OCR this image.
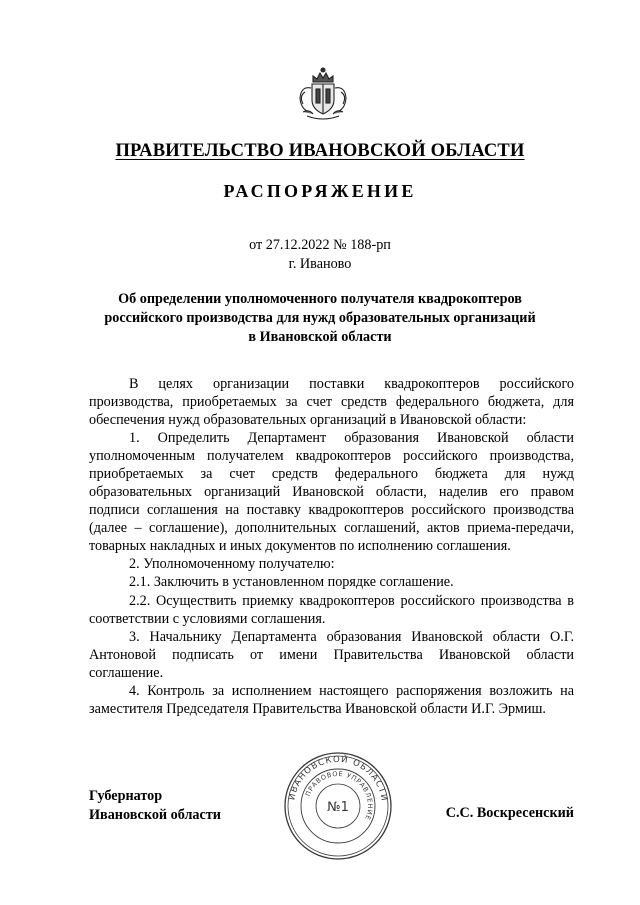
ПРАВИТЕЛЬСТВО ИВАНОВСКОЙ ОБЛАСТИ
РАСПОРЯЖЕНИЕ
от 27.12.2022 № 188-рп
г. Иваново
Об определении уполномоченного получателя квадрокоптеров
российского производства для нужд образовательных организаций
в Ивановской области

В целях организации поставки квадрокоптеров российского производства, приобретаемых за счет средств федерального бюджета, для обеспечения нужд образовательных организаций в Ивановской области:

1. Определить Департамент образования Ивановской области уполномоченным получателем квадрокоптеров российского производства, приобретаемых за счет средств федерального бюджета для нужд образовательных организаций Ивановской области, наделив его правом подписи соглашения на поставку квадрокоптеров российского производства (далее – соглашение), дополнительных соглашений, актов приема-передачи, товарных накладных и иных документов по исполнению соглашения.

2. Уполномоченному получателю:

2.1. Заключить в установленном порядке соглашение.

2.2. Осуществить приемку квадрокоптеров российского производства в соответствии с условиями соглашения.

3. Начальнику Департамента образования Ивановской области О.Г. Антоновой подписать от имени Правительства Ивановской области соглашение.

4. Контроль за исполнением настоящего распоряжения возложить на заместителя Председателя Правительства Ивановской области И.Г. Эрмиш.

Губернатор
Ивановской области	С.С. Воскресенский
ИВАНОВСКОЙ ОБЛАСТИ
ПРАВОВОЕ УПРАВЛЕНИЕ
№1
